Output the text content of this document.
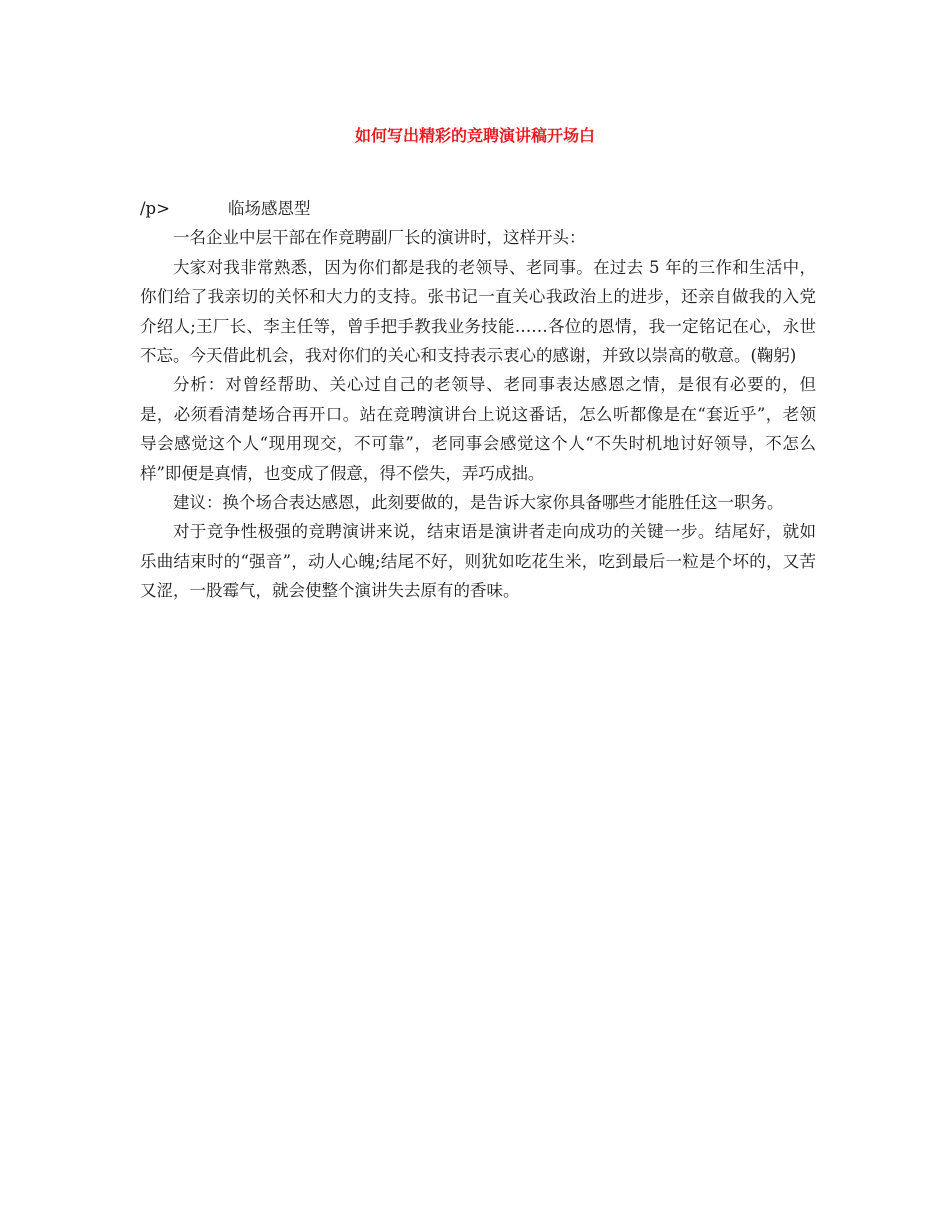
如何写出精彩的竞聘演讲稿开场白

/p>	临场感恩型

一名企业中层干部在作竞聘副厂长的演讲时，这样开头：

大家对我非常熟悉，因为你们都是我的老领导、老同事。在过去 5 年的三作和生活中，你们给了我亲切的关怀和大力的支持。张书记一直关心我政治上的进步，还亲自做我的入党介绍人;王厂长、李主任等，曾手把手教我业务技能……各位的恩情，我一定铭记在心，永世不忘。今天借此机会，我对你们的关心和支持表示衷心的感谢，并致以崇高的敬意。(鞠躬)

分析：对曾经帮助、关心过自己的老领导、老同事表达感恩之情，是很有必要的，但是，必须看清楚场合再开口。站在竞聘演讲台上说这番话，怎么听都像是在“套近乎”，老领导会感觉这个人“现用现交，不可靠”，老同事会感觉这个人“不失时机地讨好领导，不怎么样”即便是真情，也变成了假意，得不偿失，弄巧成拙。

建议：换个场合表达感恩，此刻要做的，是告诉大家你具备哪些才能胜任这一职务。

对于竞争性极强的竞聘演讲来说，结束语是演讲者走向成功的关键一步。结尾好，就如乐曲结束时的“强音”，动人心魄;结尾不好，则犹如吃花生米，吃到最后一粒是个坏的，又苦又涩，一股霉气，就会使整个演讲失去原有的香味。
